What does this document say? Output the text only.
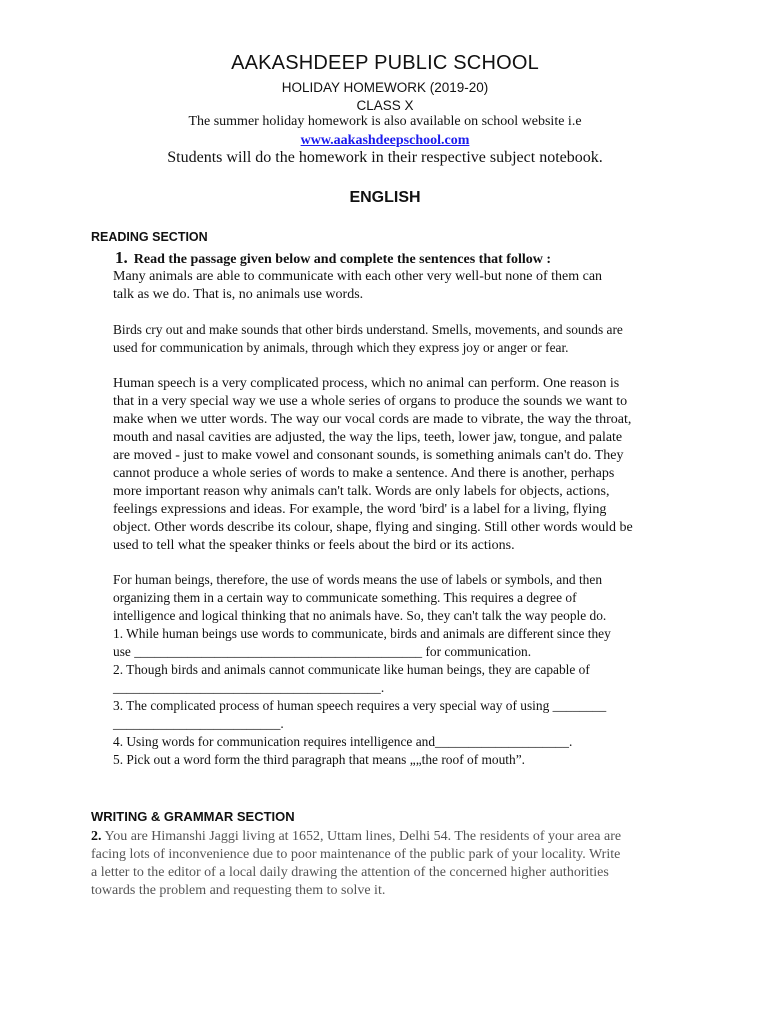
AAKASHDEEP PUBLIC SCHOOL
HOLIDAY HOMEWORK (2019-20)
CLASS X
The summer holiday homework is also available on school website i.e
www.aakashdeepschool.com
Students will do the homework in their respective subject notebook.
ENGLISH
READING SECTION
1. Read the passage given below and complete the sentences that follow :
Many animals are able to communicate with each other very well-but none of them can
talk as we do. That is, no animals use words.
Birds cry out and make sounds that other birds understand. Smells, movements, and sounds are
used for communication by animals, through which they express joy or anger or fear.
Human speech is a very complicated process, which no animal can perform. One reason is
that in a very special way we use a whole series of organs to produce the sounds we want to
make when we utter words. The way our vocal cords are made to vibrate, the way the throat,
mouth and nasal cavities are adjusted, the way the lips, teeth, lower jaw, tongue, and palate
are moved - just to make vowel and consonant sounds, is something animals can't do. They
cannot produce a whole series of words to make a sentence. And there is another, perhaps
more important reason why animals can't talk. Words are only labels for objects, actions,
feelings expressions and ideas. For example, the word 'bird' is a label for a living, flying
object. Other words describe its colour, shape, flying and singing. Still other words would be
used to tell what the speaker thinks or feels about the bird or its actions.
For human beings, therefore, the use of words means the use of labels or symbols, and then
organizing them in a certain way to communicate something. This requires a degree of
intelligence and logical thinking that no animals have. So, they can't talk the way people do.
1. While human beings use words to communicate, birds and animals are different since they
use ___________________________________________ for communication.
2. Though birds and animals cannot communicate like human beings, they are capable of
________________________________________.
3. The complicated process of human speech requires a very special way of using ________
_________________________.
4. Using words for communication requires intelligence and____________________.
5. Pick out a word form the third paragraph that means „„the roof of mouth”.
WRITING & GRAMMAR SECTION
2. You are Himanshi Jaggi living at 1652, Uttam lines, Delhi 54. The residents of your area are
facing lots of inconvenience due to poor maintenance of the public park of your locality. Write
a letter to the editor of a local daily drawing the attention of the concerned higher authorities
towards the problem and requesting them to solve it.
